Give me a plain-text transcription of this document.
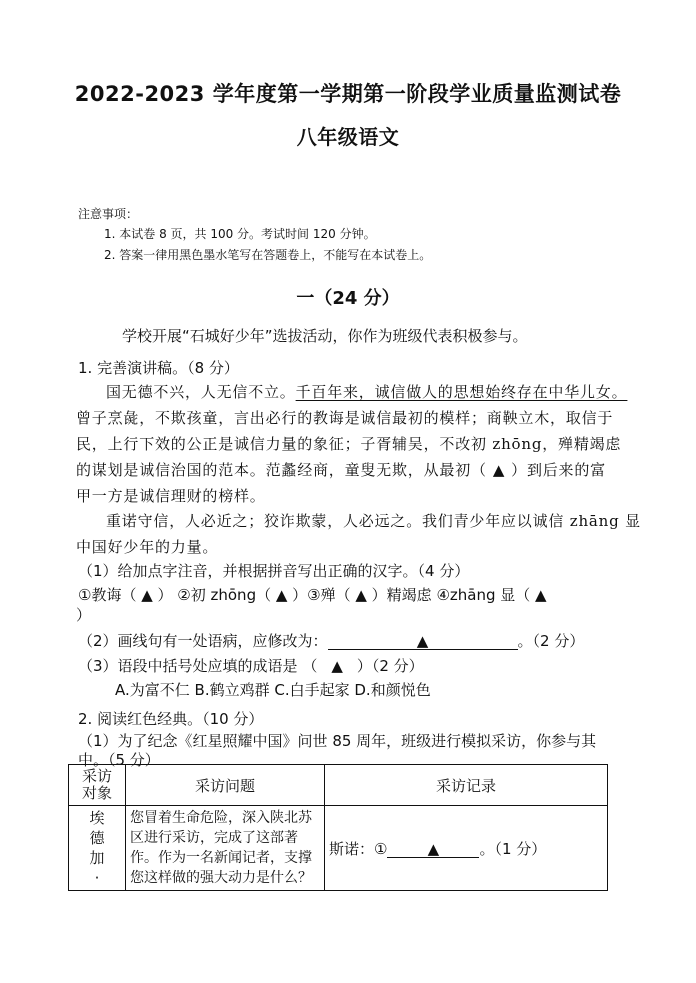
2022-2023 学年度第一学期第一阶段学业质量监测试卷
八年级语文
注意事项：
1. 本试卷 8 页，共 100 分。考试时间 120 分钟。
2. 答案一律用黑色墨水笔写在答题卷上，不能写在本试卷上。
一（24 分）
学校开展“石城好少年”选拔活动，你作为班级代表积极参与。
1. 完善演讲稿。（8 分）
国无德不兴，人无信不立。千百年来，诚信做人的思想始终存在中华儿女。
曾子烹彘，不欺孩童，言出必行的教诲是诚信最初的模样；商鞅立木，取信于
民，上行下效的公正是诚信力量的象征；子胥辅吴，不改初 zhōng，殚精竭虑
的谋划是诚信治国的范本。范蠡经商，童叟无欺，从最初（ ▲ ）到后来的富
甲一方是诚信理财的榜样。
重诺守信，人必近之；狡诈欺蒙，人必远之。我们青少年应以诚信 zhāng 显
中国好少年的力量。
（1）给加点字注音，并根据拼音写出正确的汉字。（4 分）
①教诲（ ▲ ） ②初 zhōng（ ▲ ）③殚（ ▲ ）精竭虑 ④zhāng 显（ ▲
）
（2）画线句有一处语病，应修改为：	▲	。（2 分）
（3）语段中括号处应填的成语是 （ ▲ ）（2 分）
A.为富不仁 B.鹤立鸡群 C.白手起家 D.和颜悦色
2. 阅读红色经典。（10 分）
（1）为了纪念《红星照耀中国》问世 85 周年，班级进行模拟采访，你参与其
中。（5 分）
采访
对象	采访问题	采访记录
埃
德
加
·	您冒着生命危险，深入陕北苏区进行采访，完成了这部著作。作为一名新闻记者，支撑您这样做的强大动力是什么？	斯诺：① ▲ 。（1 分）
